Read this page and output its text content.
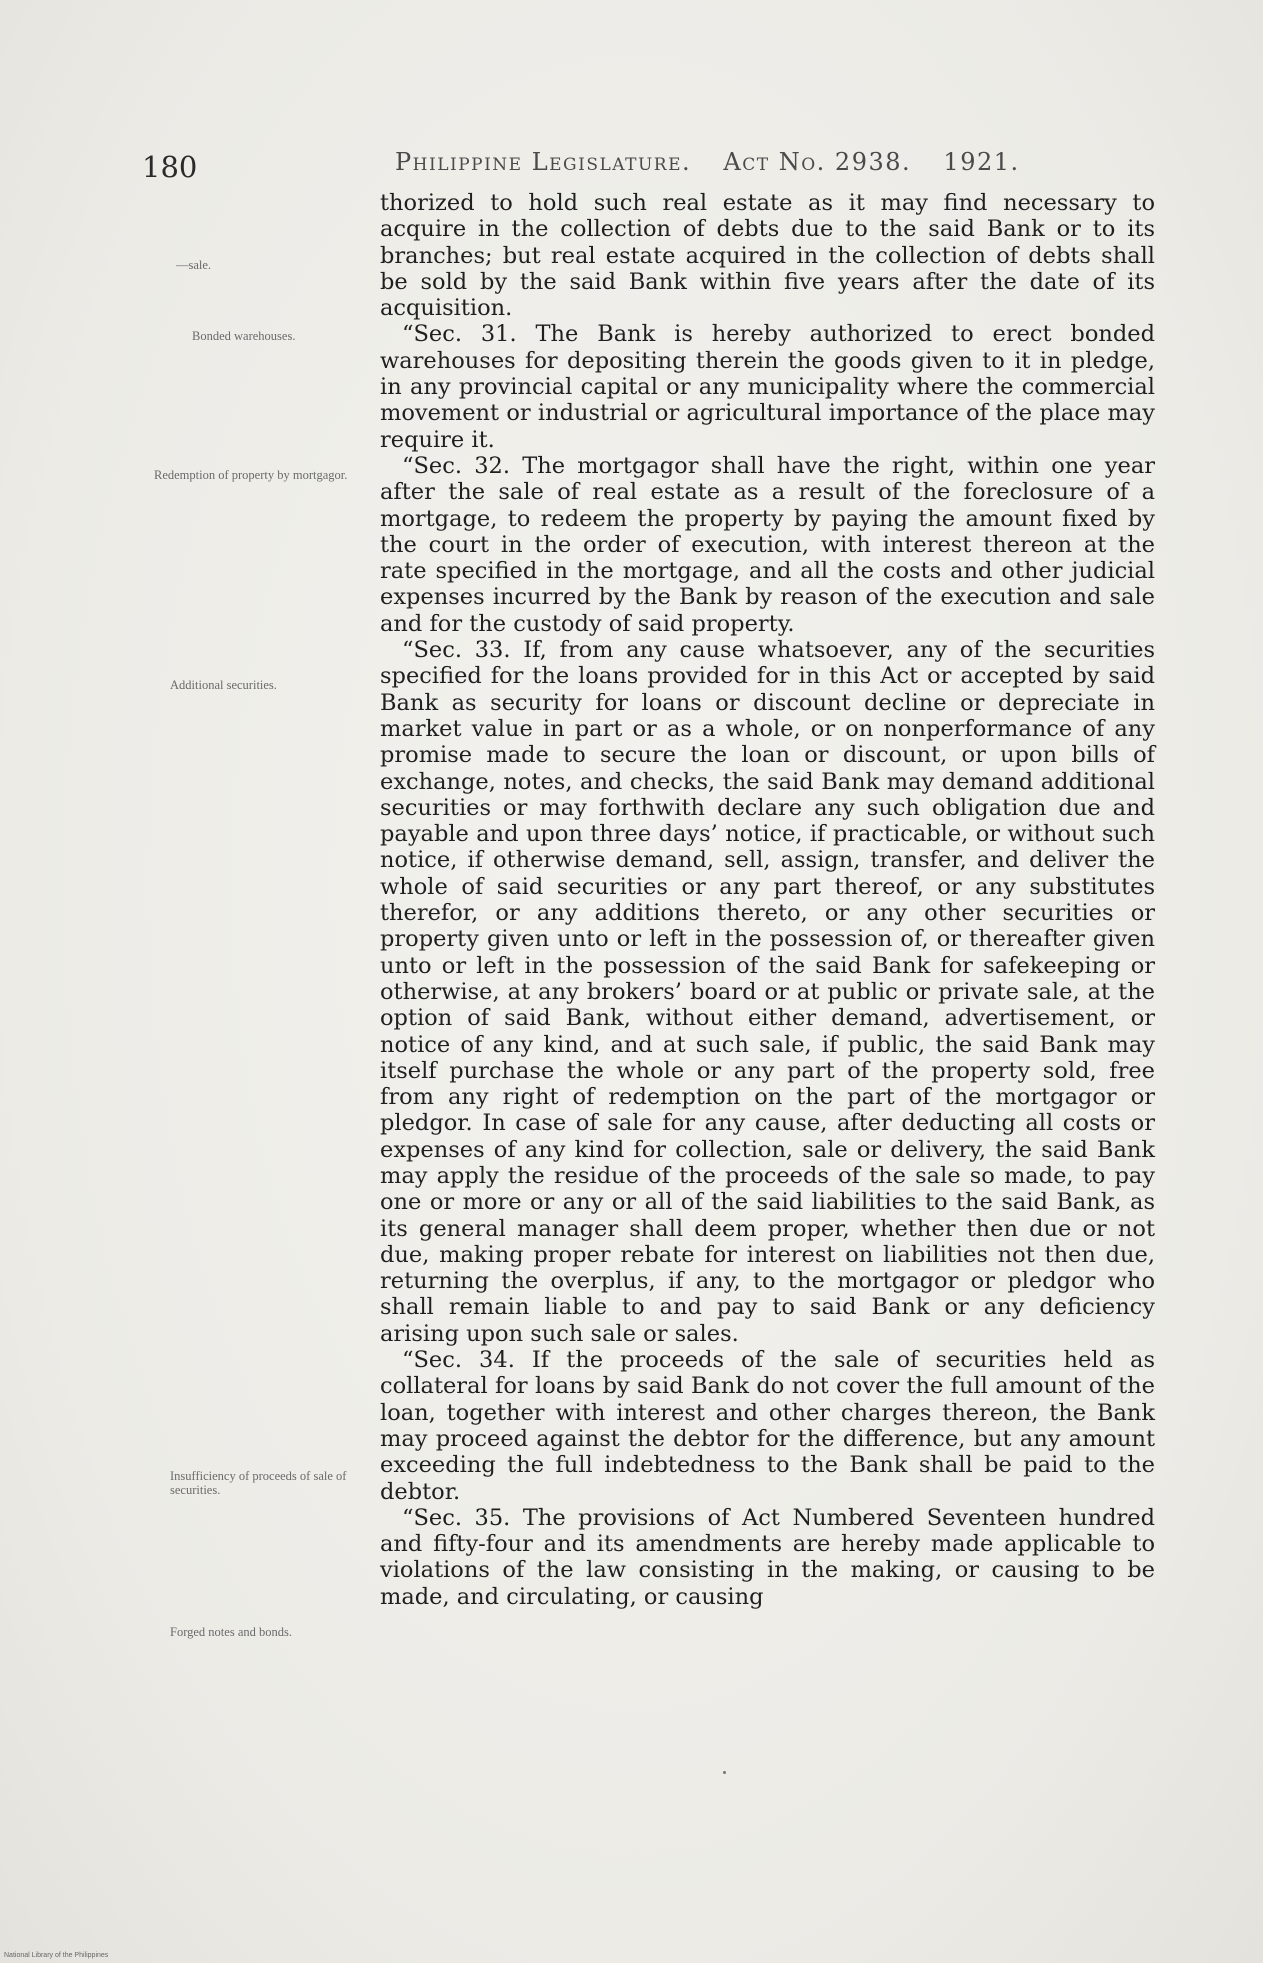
180	Philippine Legislature. Act No. 2938. 1921.
—sale.
Bonded warehouses.
Redemption of property by mortgagor.
Additional securities.
Insufficiency of proceeds of sale of securities.
Forged notes and bonds.

thorized to hold such real estate as it may find necessary to acquire in the collection of debts due to the said Bank or to its branches; but real estate acquired in the collection of debts shall be sold by the said Bank within five years after the date of its acquisition.

“Sec. 31. The Bank is hereby authorized to erect bonded warehouses for depositing therein the goods given to it in pledge, in any provincial capital or any municipality where the commercial movement or industrial or agricultural importance of the place may require it.

“Sec. 32. The mortgagor shall have the right, within one year after the sale of real estate as a result of the foreclosure of a mortgage, to redeem the property by paying the amount fixed by the court in the order of execution, with interest thereon at the rate specified in the mortgage, and all the costs and other judicial expenses incurred by the Bank by reason of the execution and sale and for the custody of said property.

“Sec. 33. If, from any cause whatsoever, any of the securities specified for the loans provided for in this Act or accepted by said Bank as security for loans or discount decline or depreciate in market value in part or as a whole, or on nonperformance of any promise made to secure the loan or discount, or upon bills of exchange, notes, and checks, the said Bank may demand additional securities or may forthwith declare any such obligation due and payable and upon three days’ notice, if practicable, or without such notice, if otherwise demand, sell, assign, transfer, and deliver the whole of said securities or any part thereof, or any substitutes therefor, or any additions thereto, or any other securities or property given unto or left in the possession of, or thereafter given unto or left in the possession of the said Bank for safekeeping or otherwise, at any brokers’ board or at public or private sale, at the option of said Bank, without either demand, advertisement, or notice of any kind, and at such sale, if public, the said Bank may itself purchase the whole or any part of the property sold, free from any right of redemption on the part of the mortgagor or pledgor. In case of sale for any cause, after deducting all costs or expenses of any kind for collection, sale or delivery, the said Bank may apply the residue of the proceeds of the sale so made, to pay one or more or any or all of the said liabilities to the said Bank, as its general manager shall deem proper, whether then due or not due, making proper rebate for interest on liabilities not then due, returning the overplus, if any, to the mortgagor or pledgor who shall remain liable to and pay to said Bank or any deficiency arising upon such sale or sales.

“Sec. 34. If the proceeds of the sale of securities held as collateral for loans by said Bank do not cover the full amount of the loan, together with interest and other charges thereon, the Bank may proceed against the debtor for the difference, but any amount exceeding the full indebtedness to the Bank shall be paid to the debtor.

“Sec. 35. The provisions of Act Numbered Seventeen hundred and fifty-four and its amendments are hereby made applicable to violations of the law consisting in the making, or causing to be made, and circulating, or causing

National Library of the Philippines
